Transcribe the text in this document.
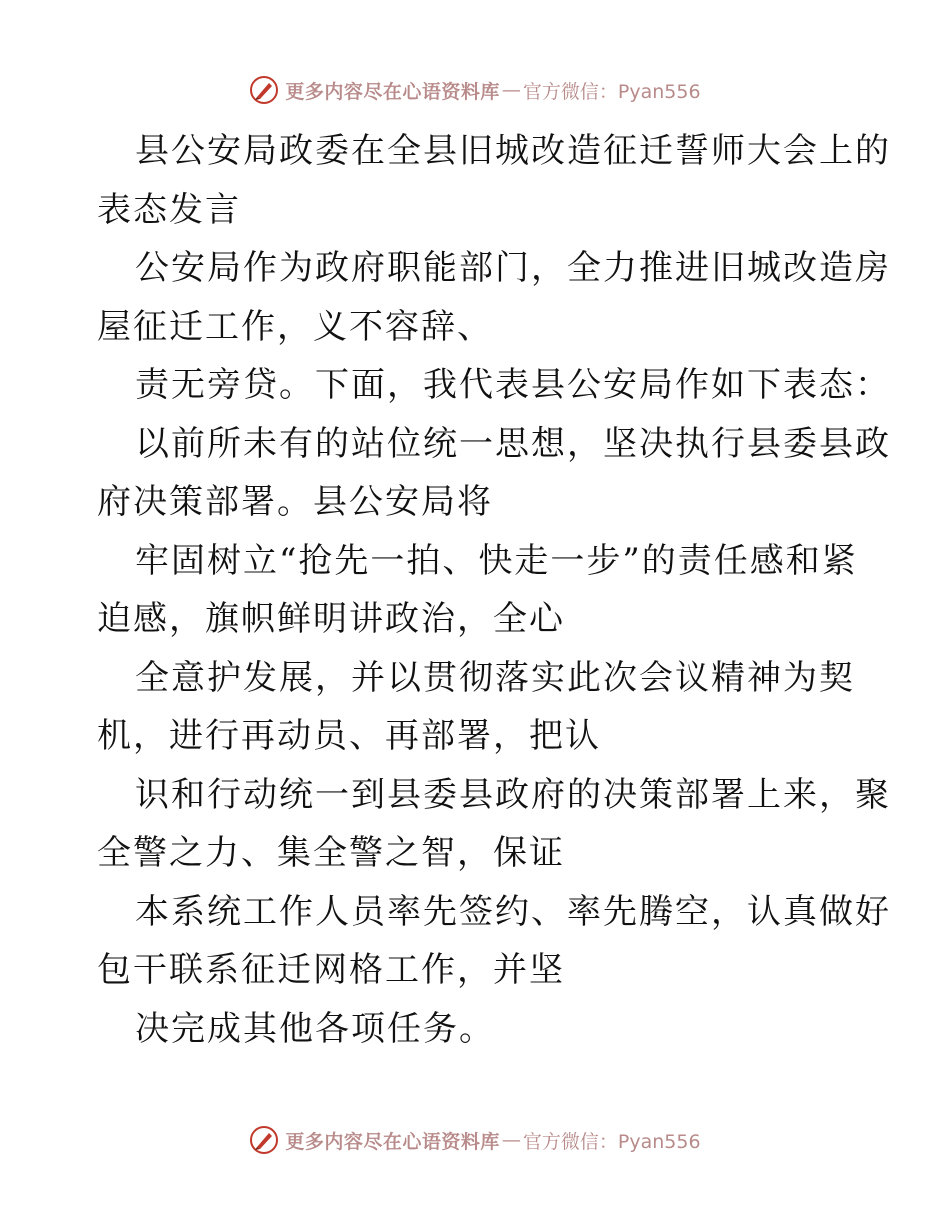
更多内容尽在心语资料库 — 官方微信：Pyan556

县公安局政委在全县旧城改造征迁誓师大会上的
表态发言

公安局作为政府职能部门，全力推进旧城改造房
屋征迁工作，义不容辞、

责无旁贷。下面，我代表县公安局作如下表态：

以前所未有的站位统一思想，坚决执行县委县政
府决策部署。县公安局将

牢固树立“抢先一拍、快走一步”的责任感和紧
迫感，旗帜鲜明讲政治，全心

全意护发展，并以贯彻落实此次会议精神为契
机，进行再动员、再部署，把认

识和行动统一到县委县政府的决策部署上来，聚
全警之力、集全警之智，保证

本系统工作人员率先签约、率先腾空，认真做好
包干联系征迁网格工作，并坚

决完成其他各项任务。

更多内容尽在心语资料库 — 官方微信：Pyan556
